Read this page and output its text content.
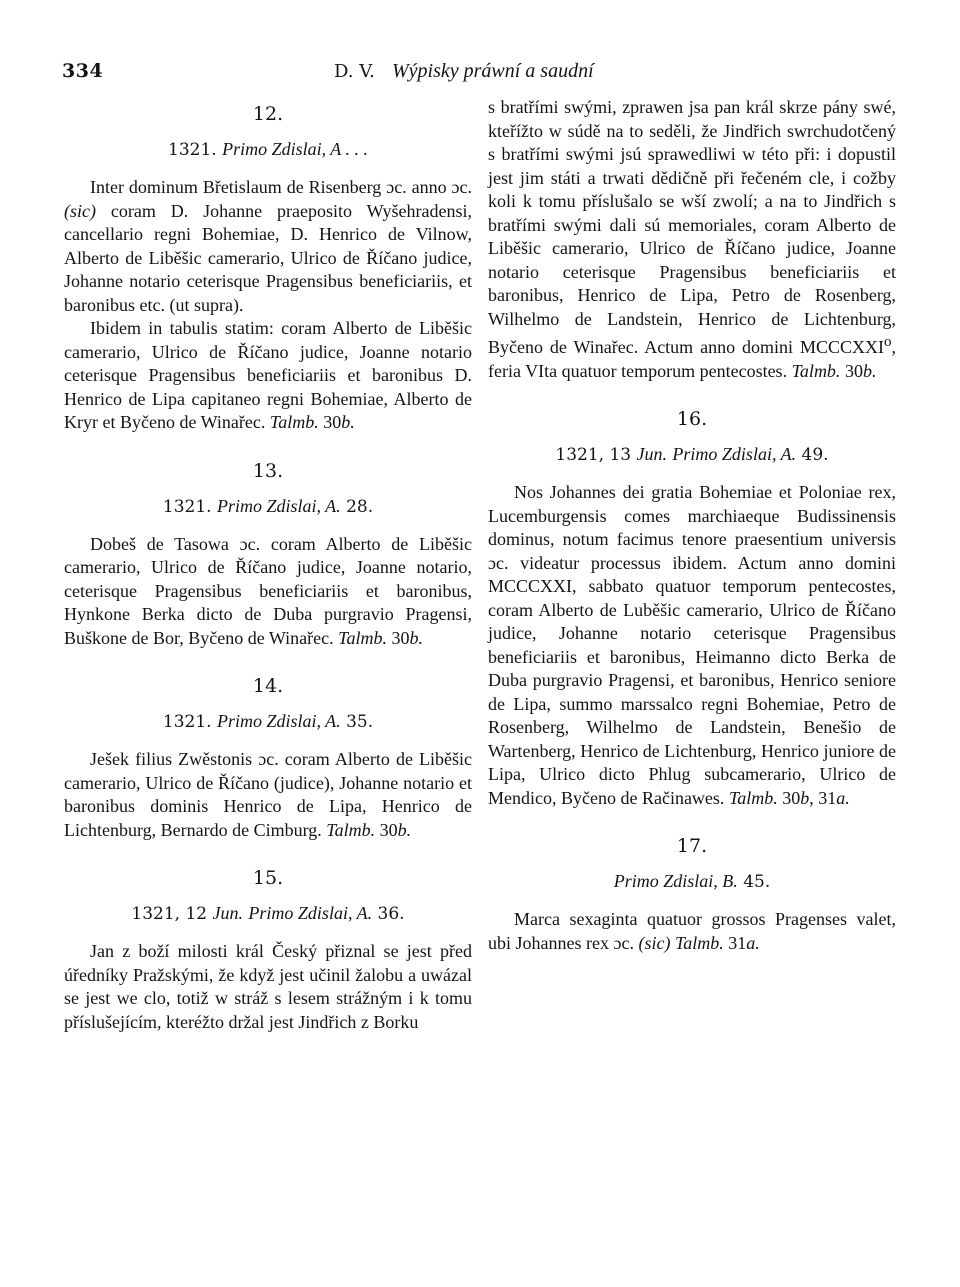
334	D. V. Wýpisky práwní a saudní
12.
1321. Primo Zdislai, A . . .

Inter dominum Břetislaum de Risenberg ɔc. anno ɔc. (sic) coram D. Johanne praeposito Wyšehradensi, cancellario regni Bohemiae, D. Henrico de Vilnow, Alberto de Liběšic camerario, Ulrico de Říčano judice, Johanne notario ceterisque Pragensibus beneficiariis, et baronibus etc. (ut supra).

Ibidem in tabulis statim: coram Alberto de Liběšic camerario, Ulrico de Říčano judice, Joanne notario ceterisque Pragensibus beneficiariis et baronibus D. Henrico de Lipa capitaneo regni Bohemiae, Alberto de Kryr et Byčeno de Winařec. Talmb. 30b.

13.
1321. Primo Zdislai, A. 28.

Dobeš de Tasowa ɔc. coram Alberto de Liběšic camerario, Ulrico de Říčano judice, Joanne notario, ceterisque Pragensibus beneficiariis et baronibus, Hynkone Berka dicto de Duba purgravio Pragensi, Buškone de Bor, Byčeno de Winařec. Talmb. 30b.

14.
1321. Primo Zdislai, A. 35.

Ješek filius Zwěstonis ɔc. coram Alberto de Liběšic camerario, Ulrico de Říčano (judice), Johanne notario et baronibus dominis Henrico de Lipa, Henrico de Lichtenburg, Bernardo de Cimburg. Talmb. 30b.

15.
1321, 12 Jun. Primo Zdislai, A. 36.

Jan z boží milosti král Český přiznal se jest před úředníky Pražskými, že když jest učinil žalobu a uwázal se jest we clo, totiž w stráž s lesem strážným i k tomu příslušejícím, kteréžto držal jest Jindřich z Borku

s bratřími swými, zprawen jsa pan král skrze pány swé, kteřížto w súdě na to seděli, že Jindřich swrchudotčený s bratřími swými jsú sprawedliwi w této při: i dopustil jest jim státi a trwati dědičně při řečeném cle, i cožby koli k tomu příslušalo se wší zwolí; a na to Jindřich s bratřími swými dali sú memoriales, coram Alberto de Liběšic camerario, Ulrico de Říčano judice, Joanne notario ceterisque Pragensibus beneficiariis et baronibus, Henrico de Lipa, Petro de Rosenberg, Wilhelmo de Landstein, Henrico de Lichtenburg, Byčeno de Winařec. Actum anno domini MCCCXXI$^o$, feria VIta quatuor temporum pentecostes. Talmb. 30b.

16.
1321, 13 Jun. Primo Zdislai, A. 49.

Nos Johannes dei gratia Bohemiae et Poloniae rex, Lucemburgensis comes marchiaeque Budissinensis dominus, notum facimus tenore praesentium universis ɔc. videatur processus ibidem. Actum anno domini MCCCXXI, sabbato quatuor temporum pentecostes, coram Alberto de Luběšic camerario, Ulrico de Říčano judice, Johanne notario ceterisque Pragensibus beneficiariis et baronibus, Heimanno dicto Berka de Duba purgravio Pragensi, et baronibus, Henrico seniore de Lipa, summo marssalco regni Bohemiae, Petro de Rosenberg, Wilhelmo de Landstein, Benešio de Wartenberg, Henrico de Lichtenburg, Henrico juniore de Lipa, Ulrico dicto Phlug subcamerario, Ulrico de Mendico, Byčeno de Račinawes. Talmb. 30b, 31a.

17.
Primo Zdislai, B. 45.

Marca sexaginta quatuor grossos Pragenses valet, ubi Johannes rex ɔc. (sic) Talmb. 31a.
